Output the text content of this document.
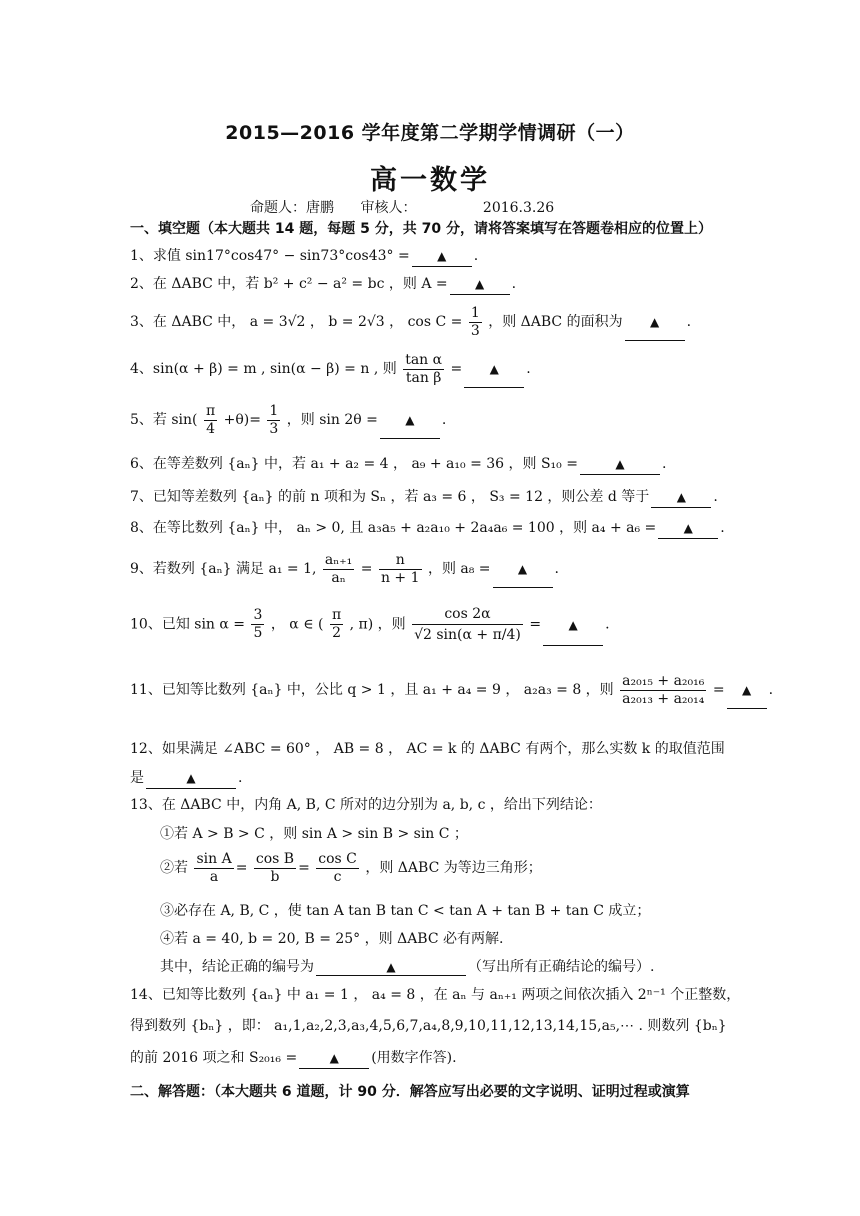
2015—2016 学年度第二学期学情调研（一）
高一数学
命题人：唐鹏 审核人：	2016.3.26
一、填空题（本大题共 14 题，每题 5 分，共 70 分，请将答案填写在答题卷相应的位置上）
1、求值 sin17°cos47° − sin73°cos43° = ▲ .
2、在 ΔABC 中，若 b² + c² − a² = bc ，则 A = ▲ .
3、在 ΔABC 中， a = 3√2 ， b = 2√3 ， $\cos C = \frac{1}{3}$ ，则 ΔABC 的面积为 ▲ .
4、sin(α + β) = m , sin(α − β) = n , 则 $\frac{\text{tan α}}{\text{tan β}}$ = ▲ .
5、若 $\sin( \frac{\pi}{4} +\theta)= \frac{1}{3}$ ，则 sin 2θ = ▲ .
6、在等差数列 {aₙ} 中，若 a₁ + a₂ = 4 ， a₉ + a₁₀ = 36 ，则 S₁₀ =	▲	.
7、已知等差数列 {aₙ} 的前 n 项和为 Sₙ ，若 a₃ = 6 ， S₃ = 12 ，则公差 d 等于 ▲ .
8、在等比数列 {aₙ} 中， aₙ > 0, 且 a₃a₅ + a₂a₁₀ + 2a₄a₆ = 100 ，则 a₄ + a₆ = ▲ .
9、若数列 {aₙ} 满足 a₁ = 1, $\frac{\text{aₙ₊₁}}{\text{aₙ}} = \frac{n}{n + 1}$ ，则 a₈ = ▲ .
10、已知 $\sin \alpha = \frac{3}{5}$ ， α ∈ ( $\frac{\pi}{2}$ , π) ，则 $\frac{\cos 2\alpha}{√2 \sin(\alpha + \pi/4)}$ = ▲ .
11、已知等比数列 {aₙ} 中，公比 q > 1 ，且 a₁ + a₄ = 9 ， a₂a₃ = 8 ，则 $\frac{\text{a₂₀₁₅ + a₂₀₁₆}}{\text{a₂₀₁₃ + a₂₀₁₄}}$ = ▲ .
12、如果满足 ∠ABC = 60° ， AB = 8 ， AC = k 的 ΔABC 有两个，那么实数 k 的取值范围
是	▲	.
13、在 ΔABC 中，内角 A, B, C 所对的边分别为 a, b, c ，给出下列结论：
①若 A > B > C ，则 sin A > sin B > sin C ；
②若 $\frac{\text{sin A}}{a} = \frac{\text{cos B}}{b} = \frac{\text{cos C}}{c}$ ，则 ΔABC 为等边三角形；
③必存在 A, B, C ，使 tan A tan B tan C < tan A + tan B + tan C 成立；
④若 a = 40, b = 20, B = 25° ，则 ΔABC 必有两解.
其中，结论正确的编号为	▲	（写出所有正确结论的编号）.
14、已知等比数列 {aₙ} 中 a₁ = 1 ， a₄ = 8 ，在 aₙ 与 aₙ₊₁ 两项之间依次插入 2ⁿ⁻¹ 个正整数，
得到数列 {bₙ} ，即： a₁,1,a₂,2,3,a₃,4,5,6,7,a₄,8,9,10,11,12,13,14,15,a₅,⋯ . 则数列 {bₙ}
的前 2016 项之和 S₂₀₁₆ =	▲ (用数字作答).
二、解答题：（本大题共 6 道题，计 90 分．解答应写出必要的文字说明、证明过程或演算
